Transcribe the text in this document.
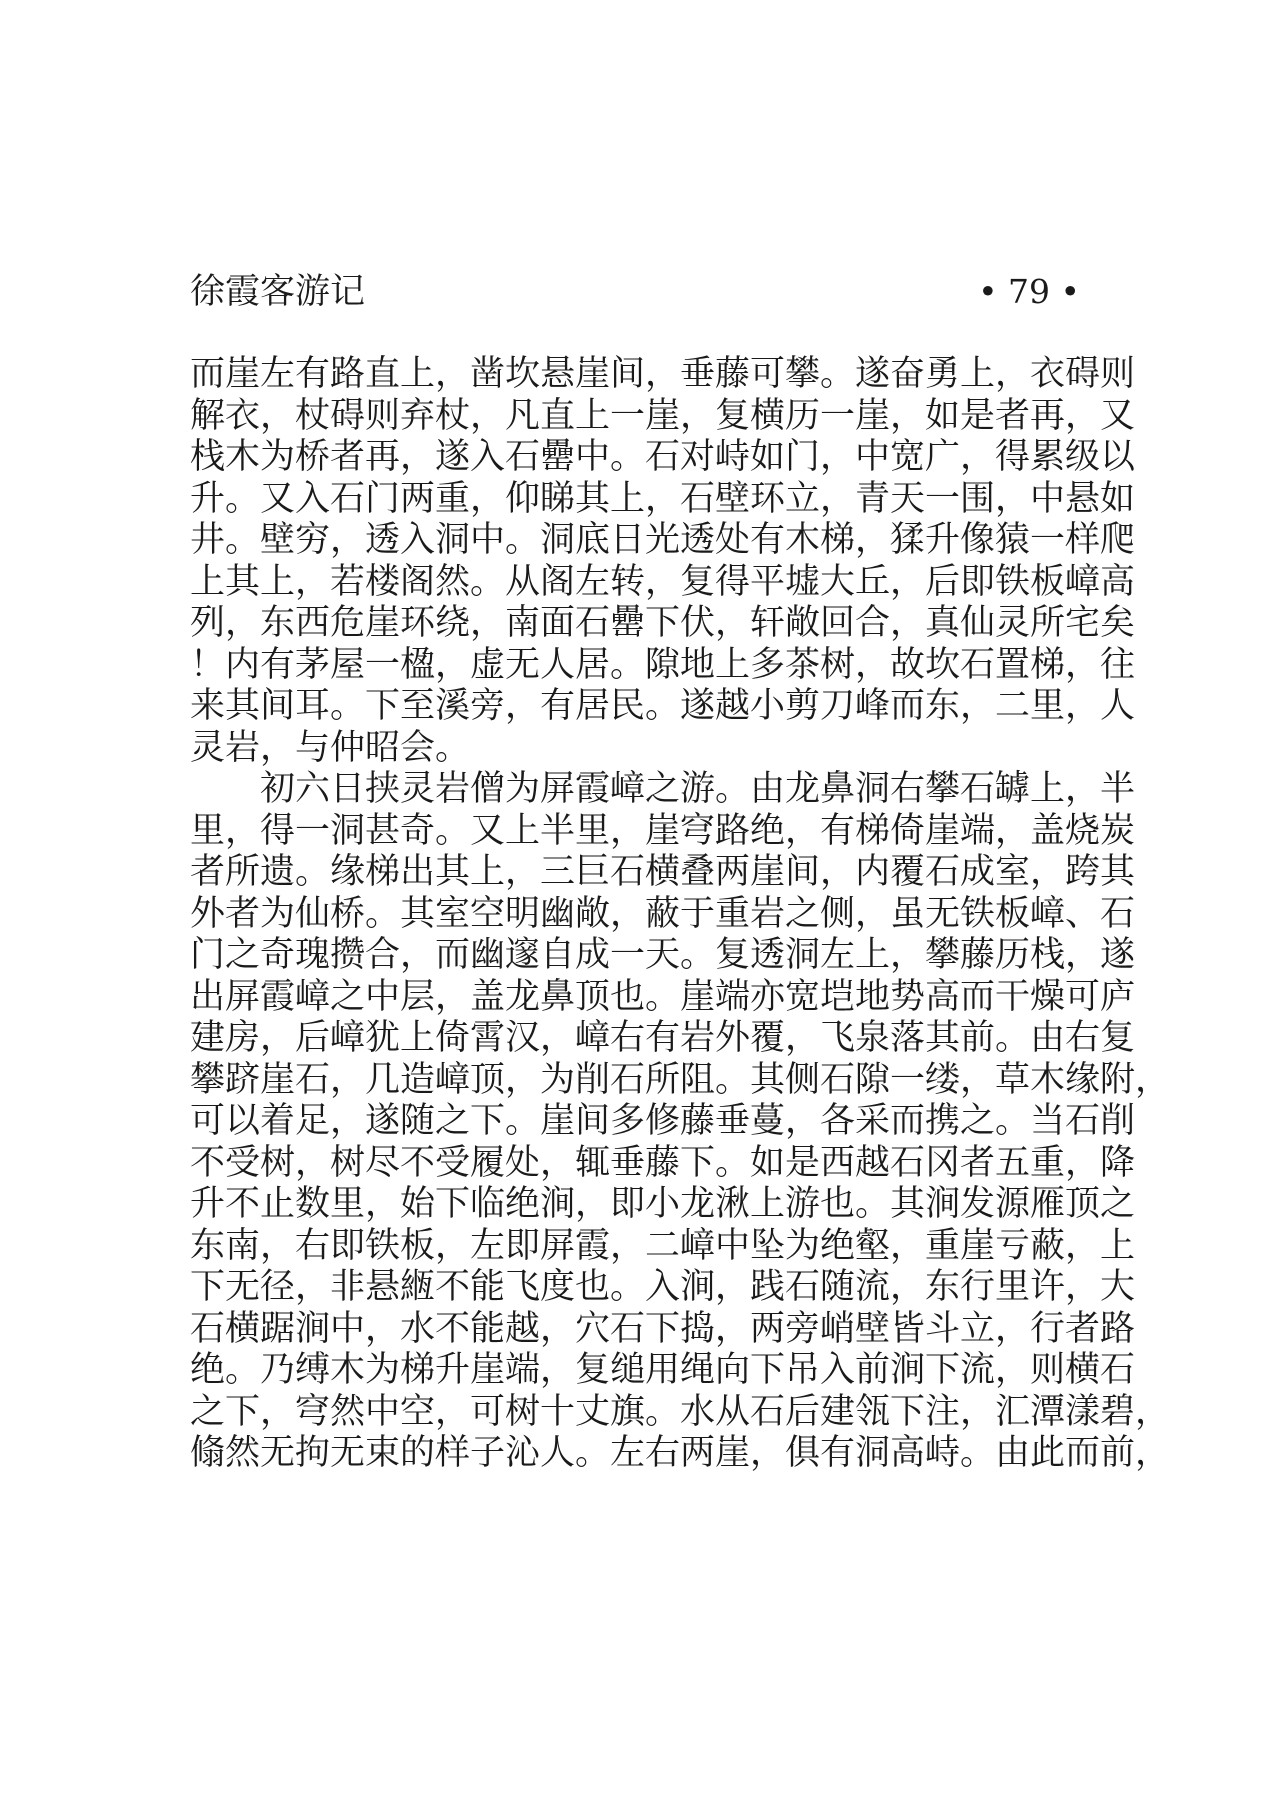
徐霞客游记	• 79 •
而崖左有路直上，凿坎悬崖间，垂藤可攀。遂奋勇上，衣碍则
解衣，杖碍则弃杖，凡直上一崖，复横历一崖，如是者再，又
栈木为桥者再，遂入石罍中。石对峙如门，中宽广，得累级以
升。又入石门两重，仰睇其上，石壁环立，青天一围，中悬如
井。壁穷，透入洞中。洞底日光透处有木梯，猱升像猿一样爬
上其上，若楼阁然。从阁左转，复得平墟大丘，后即铁板嶂高
列，东西危崖环绕，南面石罍下伏，轩敞回合，真仙灵所宅矣
！内有茅屋一楹，虚无人居。隙地上多茶树，故坎石置梯，往
来其间耳。下至溪旁，有居民。遂越小剪刀峰而东，二里，人
灵岩，与仲昭会。
初六日挟灵岩僧为屏霞嶂之游。由龙鼻洞右攀石罅上，半
里，得一洞甚奇。又上半里，崖穹路绝，有梯倚崖端，盖烧炭
者所遗。缘梯出其上，三巨石横叠两崖间，内覆石成室，跨其
外者为仙桥。其室空明幽敞，蔽于重岩之侧，虽无铁板嶂、石
门之奇瑰攒合，而幽邃自成一天。复透洞左上，攀藤历栈，遂
出屏霞嶂之中层，盖龙鼻顶也。崖端亦宽垲地势高而干燥可庐
建房，后嶂犹上倚霄汉，嶂右有岩外覆，飞泉落其前。由右复
攀跻崖石，几造嶂顶，为削石所阻。其侧石隙一缕，草木缘附，
可以着足，遂随之下。崖间多修藤垂蔓，各采而携之。当石削
不受树，树尽不受履处，辄垂藤下。如是西越石冈者五重，降
升不止数里，始下临绝涧，即小龙湫上游也。其涧发源雁顶之
东南，右即铁板，左即屏霞，二嶂中坠为绝壑，重崖亏蔽，上
下无径，非悬緪不能飞度也。入涧，践石随流，东行里许，大
石横踞涧中，水不能越，穴石下捣，两旁峭壁皆斗立，行者路
绝。乃缚木为梯升崖端，复缒用绳向下吊入前涧下流，则横石
之下，穹然中空，可树十丈旗。水从石后建瓴下注，汇潭漾碧，
翛然无拘无束的样子沁人。左右两崖，俱有洞高峙。由此而前，
